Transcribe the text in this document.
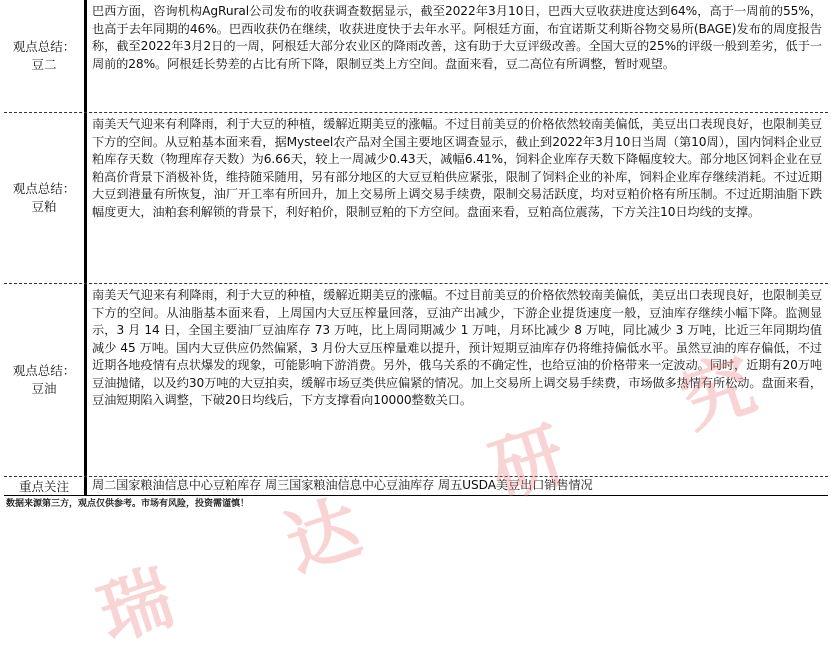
观点总结：
豆二
巴西方面，咨询机构AgRural公司发布的收获调查数据显示，截至2022年3月10日，巴西大豆收获进度达到64%，高于一周前的55%，也高于去年同期的46%。巴西收获仍在继续，收获进度快于去年水平。阿根廷方面，布宜诺斯艾利斯谷物交易所(BAGE)发布的周度报告称，截至2022年3月2日的一周，阿根廷大部分农业区的降雨改善，这有助于大豆评级改善。全国大豆的25%的评级一般到差劣，低于一周前的28%。阿根廷长势差的占比有所下降，限制豆类上方空间。盘面来看，豆二高位有所调整，暂时观望。
观点总结：
豆粕
南美天气迎来有利降雨，利于大豆的种植，缓解近期美豆的涨幅。不过目前美豆的价格依然较南美偏低，美豆出口表现良好，也限制美豆下方的空间。从豆粕基本面来看，据Mysteel农产品对全国主要地区调查显示，截止到2022年3月10日当周（第10周），国内饲料企业豆粕库存天数（物理库存天数）为6.66天，较上一周减少0.43天，减幅6.41%，饲料企业库存天数下降幅度较大。部分地区饲料企业在豆粕高价背景下消极补货，维持随采随用，另有部分地区的大豆豆粕供应紧张，限制了饲料企业的补库，饲料企业库存继续消耗。不过近期大豆到港量有所恢复，油厂开工率有所回升，加上交易所上调交易手续费，限制交易活跃度，均对豆粕价格有所压制。不过近期油脂下跌幅度更大，油粕套利解锁的背景下，利好粕价，限制豆粕的下方空间。盘面来看，豆粕高位震荡，下方关注10日均线的支撑。
观点总结：
豆油
南美天气迎来有利降雨，利于大豆的种植，缓解近期美豆的涨幅。不过目前美豆的价格依然较南美偏低，美豆出口表现良好，也限制美豆下方的空间。从油脂基本面来看，上周国内大豆压榨量回落，豆油产出减少，下游企业提货速度一般，豆油库存继续小幅下降。监测显示，3 月 14 日，全国主要油厂豆油库存 73 万吨，比上周同期减少 1 万吨，月环比减少 8 万吨，同比减少 3 万吨，比近三年同期均值减少 45 万吨。国内大豆供应仍然偏紧，3 月份大豆压榨量难以提升，预计短期豆油库存仍将维持偏低水平。虽然豆油的库存偏低，不过近期各地疫情有点状爆发的现象，可能影响下游消费。另外，俄乌关系的不确定性，也给豆油的价格带来一定波动。同时，近期有20万吨豆油抛储，以及约30万吨的大豆拍卖，缓解市场豆类供应偏紧的情况。加上交易所上调交易手续费，市场做多热情有所松动。盘面来看，豆油短期陷入调整，下破20日均线后，下方支撑看向10000整数关口。
重点关注	周二国家粮油信息中心豆粕库存 周三国家粮油信息中心豆油库存 周五USDA美豆出口销售情况
数据来源第三方，观点仅供参考。市场有风险，投资需谨慎！
瑞
达
研
究
